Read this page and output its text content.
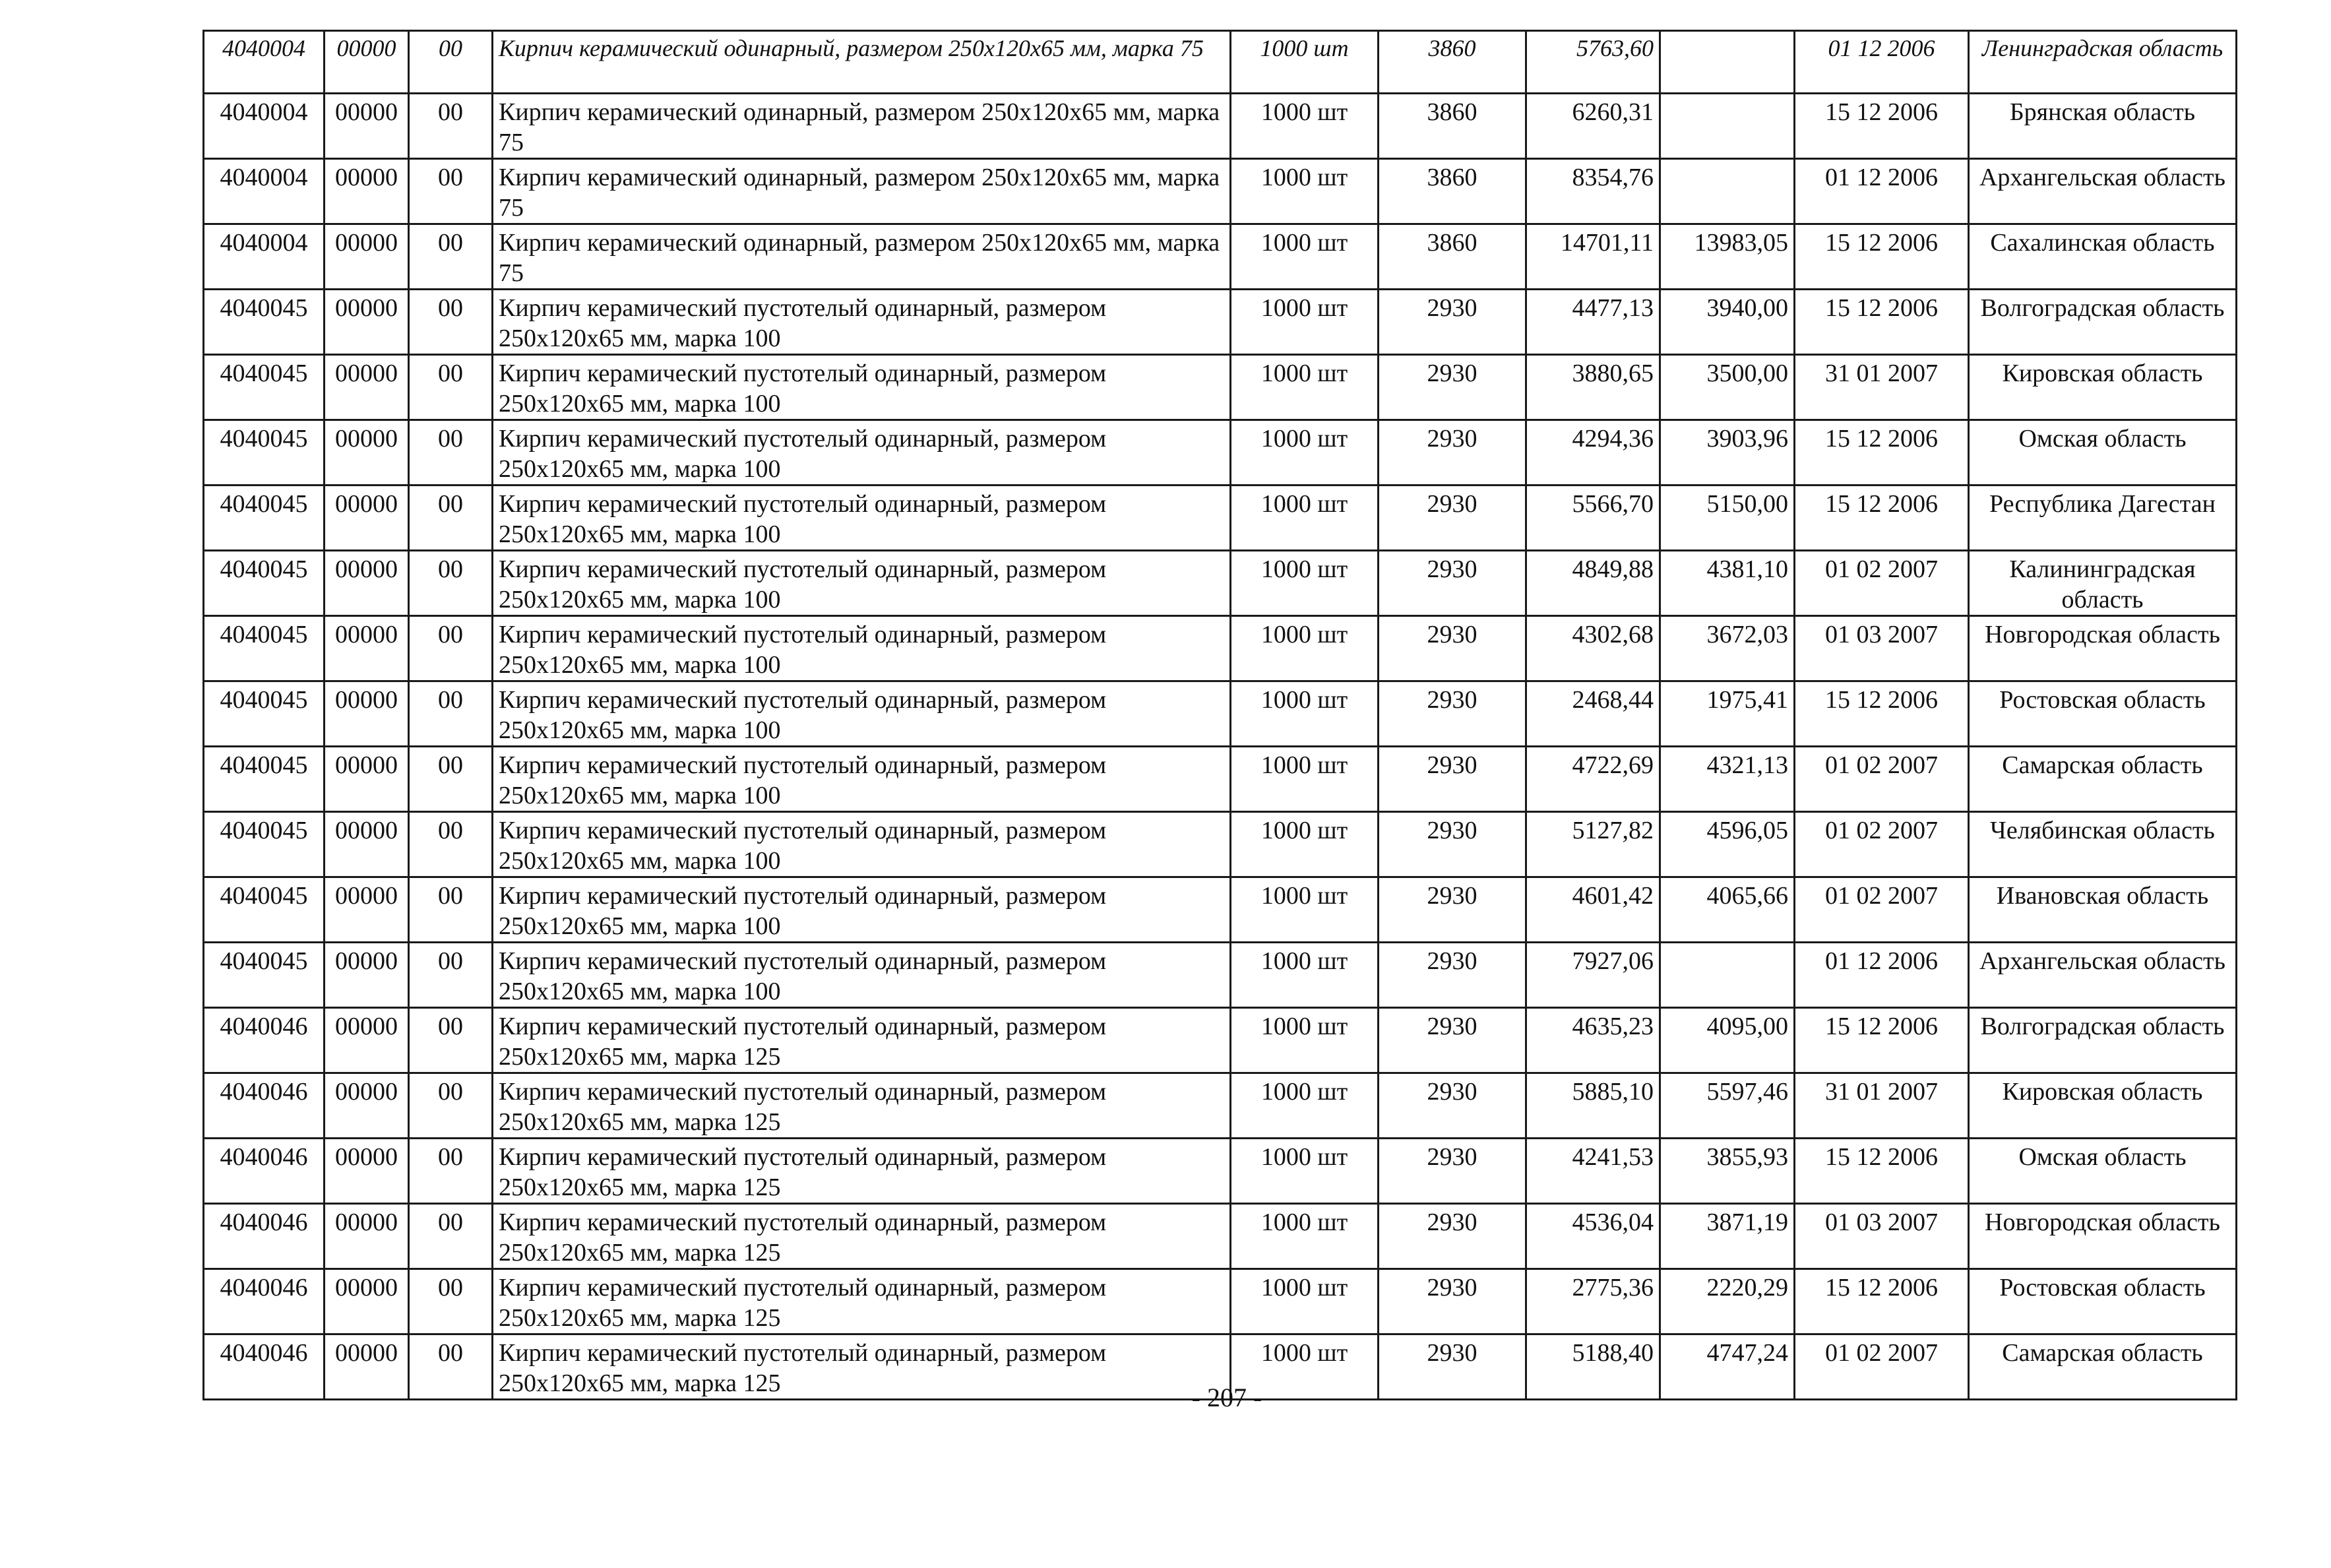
4040004	00000	00	Кирпич керамический одинарный, размером 250х120х65 мм, марка 75	1000 шт	3860	5763,60		01 12 2006	Ленинградская область
4040004	00000	00	Кирпич керамический одинарный, размером 250х120х65 мм, марка 75	1000 шт	3860	6260,31		15 12 2006	Брянская область
4040004	00000	00	Кирпич керамический одинарный, размером 250х120х65 мм, марка 75	1000 шт	3860	8354,76		01 12 2006	Архангельская область
4040004	00000	00	Кирпич керамический одинарный, размером 250х120х65 мм, марка 75	1000 шт	3860	14701,11	13983,05	15 12 2006	Сахалинская область
4040045	00000	00	Кирпич керамический пустотелый одинарный, размером 250х120х65 мм, марка 100	1000 шт	2930	4477,13	3940,00	15 12 2006	Волгоградская область
4040045	00000	00	Кирпич керамический пустотелый одинарный, размером 250х120х65 мм, марка 100	1000 шт	2930	3880,65	3500,00	31 01 2007	Кировская область
4040045	00000	00	Кирпич керамический пустотелый одинарный, размером 250х120х65 мм, марка 100	1000 шт	2930	4294,36	3903,96	15 12 2006	Омская область
4040045	00000	00	Кирпич керамический пустотелый одинарный, размером 250х120х65 мм, марка 100	1000 шт	2930	5566,70	5150,00	15 12 2006	Республика Дагестан
4040045	00000	00	Кирпич керамический пустотелый одинарный, размером 250х120х65 мм, марка 100	1000 шт	2930	4849,88	4381,10	01 02 2007	Калининградская область
4040045	00000	00	Кирпич керамический пустотелый одинарный, размером 250х120х65 мм, марка 100	1000 шт	2930	4302,68	3672,03	01 03 2007	Новгородская область
4040045	00000	00	Кирпич керамический пустотелый одинарный, размером 250х120х65 мм, марка 100	1000 шт	2930	2468,44	1975,41	15 12 2006	Ростовская область
4040045	00000	00	Кирпич керамический пустотелый одинарный, размером 250х120х65 мм, марка 100	1000 шт	2930	4722,69	4321,13	01 02 2007	Самарская область
4040045	00000	00	Кирпич керамический пустотелый одинарный, размером 250х120х65 мм, марка 100	1000 шт	2930	5127,82	4596,05	01 02 2007	Челябинская область
4040045	00000	00	Кирпич керамический пустотелый одинарный, размером 250х120х65 мм, марка 100	1000 шт	2930	4601,42	4065,66	01 02 2007	Ивановская область
4040045	00000	00	Кирпич керамический пустотелый одинарный, размером 250х120х65 мм, марка 100	1000 шт	2930	7927,06		01 12 2006	Архангельская область
4040046	00000	00	Кирпич керамический пустотелый одинарный, размером 250х120х65 мм, марка 125	1000 шт	2930	4635,23	4095,00	15 12 2006	Волгоградская область
4040046	00000	00	Кирпич керамический пустотелый одинарный, размером 250х120х65 мм, марка 125	1000 шт	2930	5885,10	5597,46	31 01 2007	Кировская область
4040046	00000	00	Кирпич керамический пустотелый одинарный, размером 250х120х65 мм, марка 125	1000 шт	2930	4241,53	3855,93	15 12 2006	Омская область
4040046	00000	00	Кирпич керамический пустотелый одинарный, размером 250х120х65 мм, марка 125	1000 шт	2930	4536,04	3871,19	01 03 2007	Новгородская область
4040046	00000	00	Кирпич керамический пустотелый одинарный, размером 250х120х65 мм, марка 125	1000 шт	2930	2775,36	2220,29	15 12 2006	Ростовская область
4040046	00000	00	Кирпич керамический пустотелый одинарный, размером 250х120х65 мм, марка 125	1000 шт	2930	5188,40	4747,24	01 02 2007	Самарская область
- 207 -
